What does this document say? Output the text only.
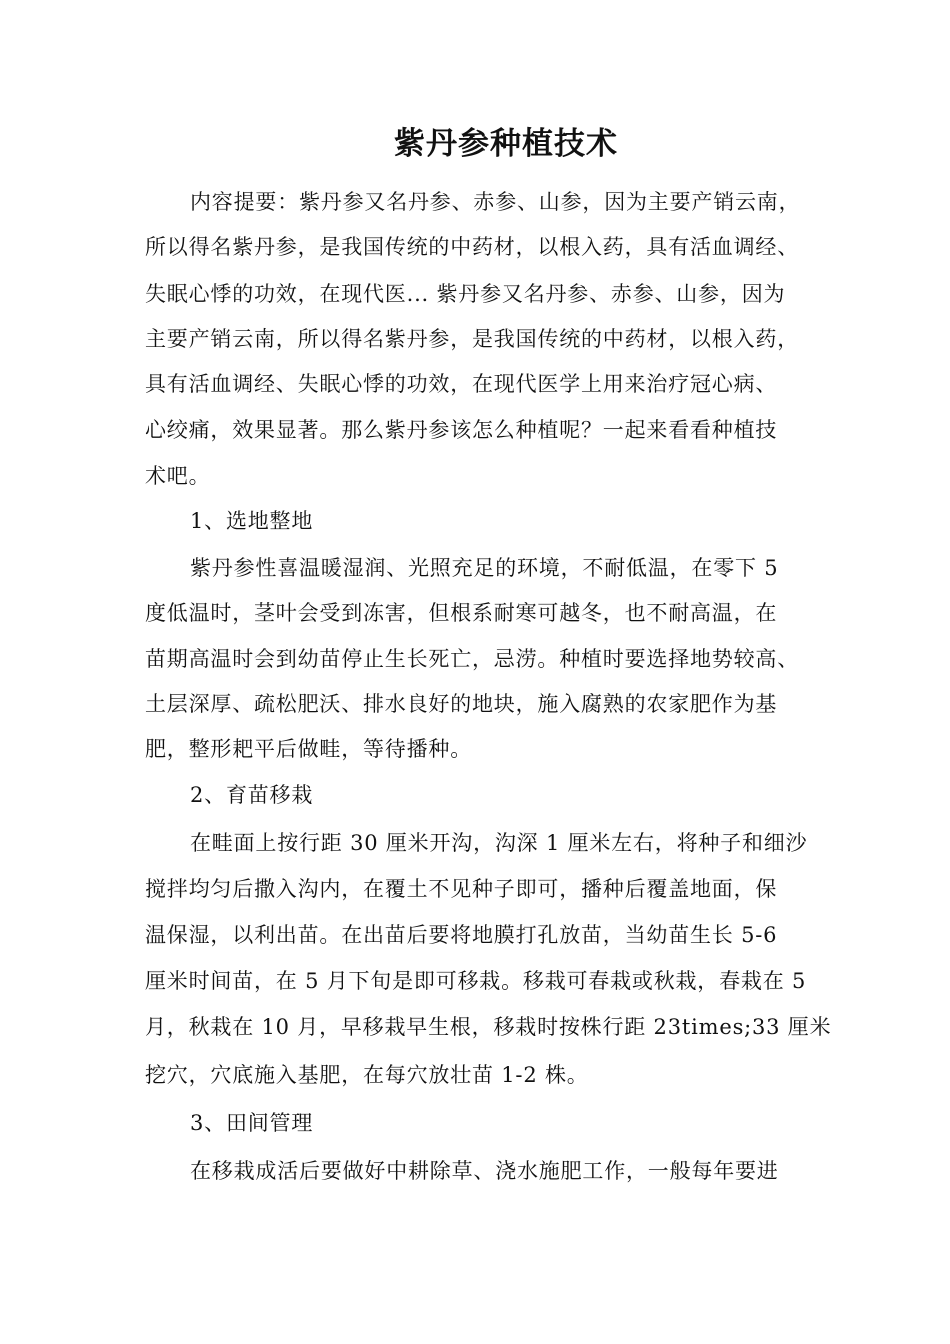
紫丹参种植技术
内容提要：紫丹参又名丹参、赤参、山参，因为主要产销云南，
所以得名紫丹参，是我国传统的中药材，以根入药，具有活血调经、
失眠心悸的功效，在现代医... 紫丹参又名丹参、赤参、山参，因为
主要产销云南，所以得名紫丹参，是我国传统的中药材，以根入药，
具有活血调经、失眠心悸的功效，在现代医学上用来治疗冠心病、
心绞痛，效果显著。那么紫丹参该怎么种植呢？一起来看看种植技
术吧。
1、选地整地
紫丹参性喜温暖湿润、光照充足的环境，不耐低温，在零下 5
度低温时，茎叶会受到冻害，但根系耐寒可越冬，也不耐高温，在
苗期高温时会到幼苗停止生长死亡，忌涝。种植时要选择地势较高、
土层深厚、疏松肥沃、排水良好的地块，施入腐熟的农家肥作为基
肥，整形耙平后做畦，等待播种。
2、育苗移栽
在畦面上按行距 30 厘米开沟，沟深 1 厘米左右，将种子和细沙
搅拌均匀后撒入沟内，在覆土不见种子即可，播种后覆盖地面，保
温保湿，以利出苗。在出苗后要将地膜打孔放苗，当幼苗生长 5-6
厘米时间苗，在 5 月下旬是即可移栽。移栽可春栽或秋栽，春栽在 5
月，秋栽在 10 月，早移栽早生根，移栽时按株行距 23times;33 厘米
挖穴，穴底施入基肥，在每穴放壮苗 1-2 株。
3、田间管理
在移栽成活后要做好中耕除草、浇水施肥工作，一般每年要进
